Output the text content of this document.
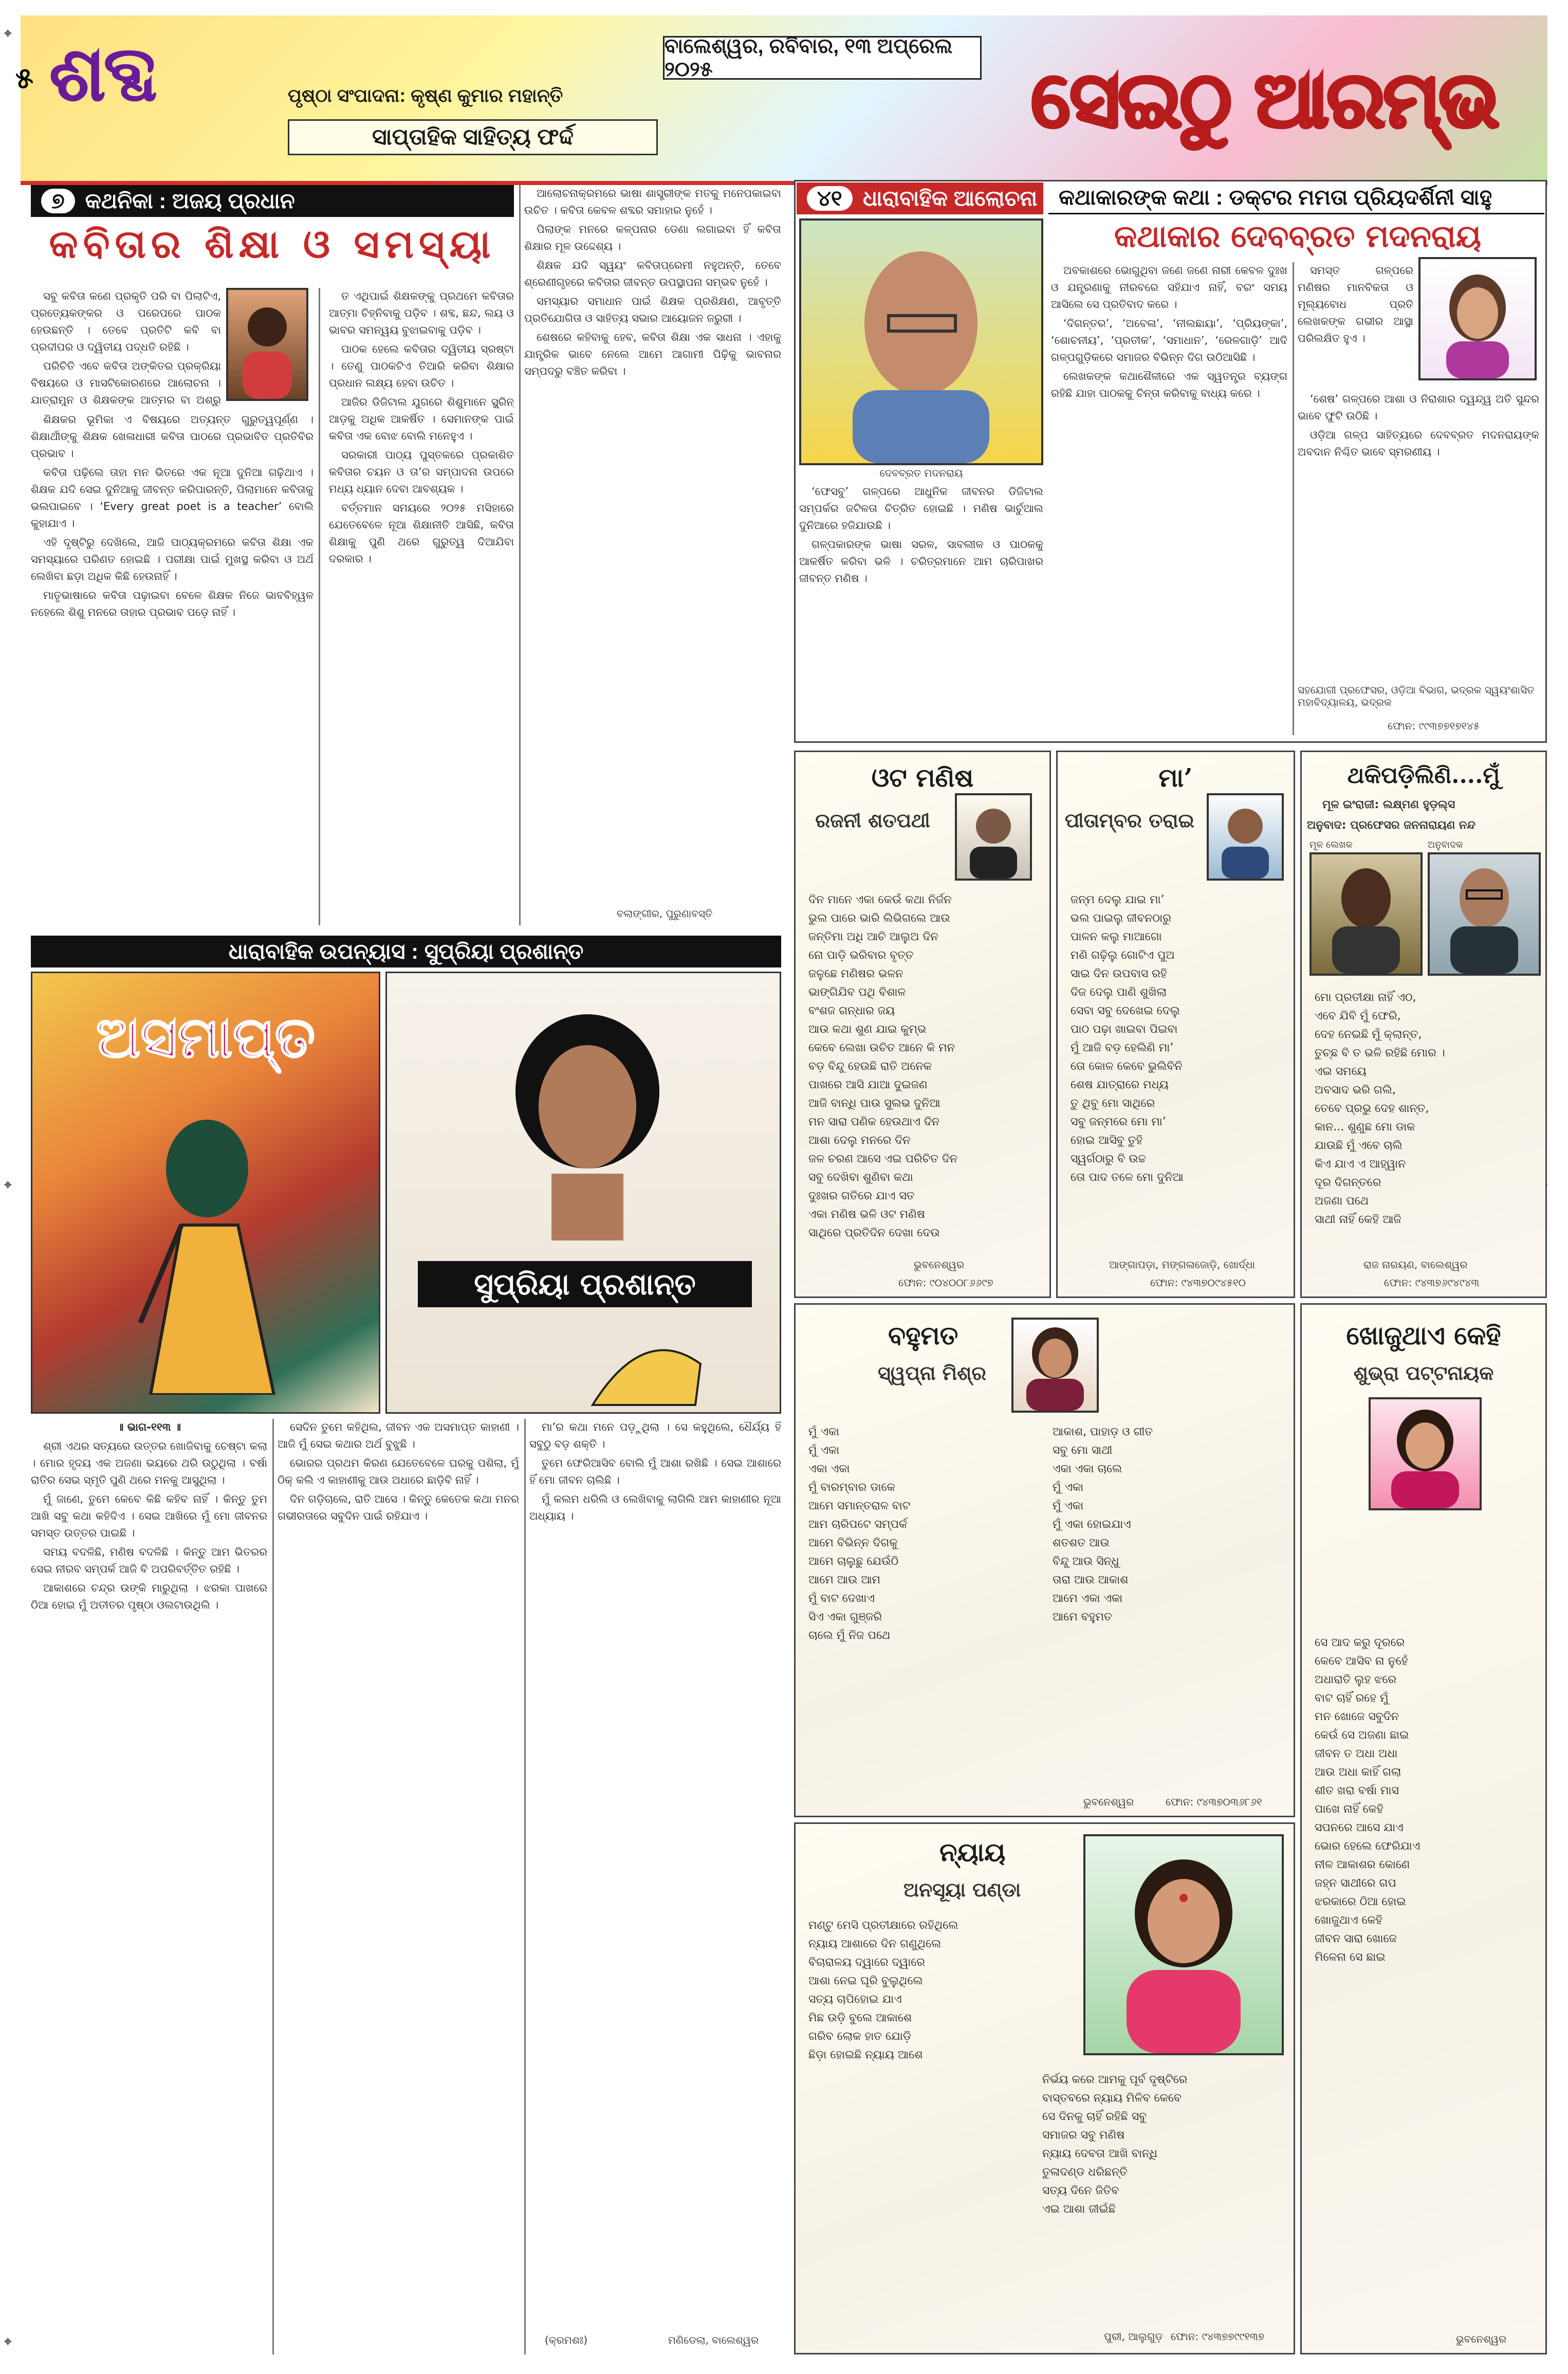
⌖
⌖
⌖
୫ ଶବ୍ଦ	ପୃଷ୍ଠା ସଂପାଦନା: କୃଷ୍ଣ କୁମାର ମହାନ୍ତି
ସାପ୍ତାହିକ ସାହିତ୍ୟ ଫର୍ଦ୍ଦ
ବାଲେଶ୍ୱର, ରବିବାର, ୧୩ ଅପ୍ରେଲ ୨୦୨୫	ସେଇଠୁ ଆରମ୍ଭ
୭ କଥନିକା : ଅଜୟ ପ୍ରଧାନ
କବିତାର ଶିକ୍ଷା ଓ ସମସ୍ୟା

ସବୁ କବିତା କଣେ ପ୍ରକୃତି ପରି ବା ପିଲାଟିଏ, ପ୍ରତ୍ୟେକଙ୍କର ଓ ପରେପରେ ପାଠକ ହେଉଛନ୍ତି । ତେବେ ପ୍ରତିଟି କବି ବା ପ୍ରଦୀପର ଓ ଦ୍ୱିତୀୟ ପଦ୍ଧତି ରହିଛି ।

ପରିଚିତି ଏବେ କବିତା ଅଙ୍କିତର ପ୍ରକ୍ରିୟା ବିଷୟରେ ଓ ମାସଟିକୋରଣରେ ଆଲୋଚନା । ଯାତ୍ରାମୁନ ଓ ଶିକ୍ଷକଙ୍କ ଆତ୍ମର ବା ଅଶ୍ରୁ

ଶିକ୍ଷକର ଭୂମିକା ଏ ବିଷୟରେ ଅତ୍ୟନ୍ତ ଗୁରୁତ୍ୱପୂର୍ଣ୍ଣ । ଶିକ୍ଷାର୍ଥୀଙ୍କୁ ଶିକ୍ଷକ ଖେଳାଧାରୀ କବିତା ପାଠରେ ପ୍ରଭାବିତ ପ୍ରତିବିର ପ୍ରଭାବ ।

କବିତା ପଢ଼ିଲେ ତାହା ମନ ଭିତରେ ଏକ ନୂଆ ଦୁନିଆ ଗଢ଼ିଥାଏ । ଶିକ୍ଷକ ଯଦି ସେଇ ଦୁନିଆକୁ ଜୀବନ୍ତ କରିପାରନ୍ତି, ପିଲାମାନେ କବିତାକୁ ଭଲପାଇବେ । ‘Every great poet is a teacher’ ବୋଲି କୁହାଯାଏ ।

ଏହି ଦୃଷ୍ଟିରୁ ଦେଖିଲେ, ଆଜି ପାଠ୍ୟକ୍ରମରେ କବିତା ଶିକ୍ଷା ଏକ ସମସ୍ୟାରେ ପରିଣତ ହୋଇଛି । ପରୀକ୍ଷା ପାଇଁ ମୁଖସ୍ଥ କରିବା ଓ ଅର୍ଥ ଲେଖିବା ଛଡ଼ା ଅଧିକ କିଛି ହେଉନାହିଁ ।

ମାତୃଭାଷାରେ କବିତା ପଢ଼ାଇବା ବେଳେ ଶିକ୍ଷକ ନିଜେ ଭାବବିହ୍ୱଳ ନହେଲେ ଶିଶୁ ମନରେ ତାହାର ପ୍ରଭାବ ପଡ଼େ ନାହିଁ ।

ତ ଏଥିପାଇଁ ଶିକ୍ଷକଙ୍କୁ ପ୍ରଥମେ କବିତାର ଆତ୍ମା ଚିହ୍ନିବାକୁ ପଡ଼ିବ । ଶବ୍ଦ, ଛନ୍ଦ, ଲୟ ଓ ଭାବର ସମନ୍ୱୟ ବୁଝାଇବାକୁ ପଡ଼ିବ ।

ପାଠକ ହେଲେ କବିତାର ଦ୍ୱିତୀୟ ସ୍ରଷ୍ଟା । ତେଣୁ ପାଠକଟିଏ ତିଆରି କରିବା ଶିକ୍ଷାର ପ୍ରଧାନ ଲକ୍ଷ୍ୟ ହେବା ଉଚିତ ।

ଆଜିର ଡିଜିଟାଲ ଯୁଗରେ ଶିଶୁମାନେ ସ୍କ୍ରିନ୍ ଆଡ଼କୁ ଅଧିକ ଆକର୍ଷିତ । ସେମାନଙ୍କ ପାଇଁ କବିତା ଏକ ବୋଝ ବୋଲି ମନେହୁଏ ।

ସରକାରୀ ପାଠ୍ୟ ପୁସ୍ତକରେ ପ୍ରକାଶିତ କବିତାର ଚୟନ ଓ ତା’ର ସମ୍ପାଦନା ଉପରେ ମଧ୍ୟ ଧ୍ୟାନ ଦେବା ଆବଶ୍ୟକ ।

ବର୍ତ୍ତମାନ ସମୟରେ ୨୦୨୫ ମସିହାରେ ଯେତେବେଳେ ନୂଆ ଶିକ୍ଷାନୀତି ଆସିଛି, କବିତା ଶିକ୍ଷାକୁ ପୁଣି ଥରେ ଗୁରୁତ୍ୱ ଦିଆଯିବା ଦରକାର ।

ଆଲୋଚନାକ୍ରମରେ ଭାଷା ଶାସ୍ତ୍ରୀଙ୍କ ମତକୁ ମନେପକାଇବା ଉଚିତ । କବିତା କେବଳ ଶବ୍ଦର ସମାହାର ନୁହେଁ ।

ପିଲାଙ୍କ ମନରେ କଳ୍ପନାର ଡେଣା ଲଗାଇବା ହିଁ କବିତା ଶିକ୍ଷାର ମୂଳ ଉଦ୍ଦେଶ୍ୟ ।

ଶିକ୍ଷକ ଯଦି ସ୍ୱୟଂ କବିତାପ୍ରେମୀ ନହୁଅନ୍ତି, ତେବେ ଶ୍ରେଣୀଗୃହରେ କବିତାର ଜୀବନ୍ତ ଉପସ୍ଥାପନା ସମ୍ଭବ ନୁହେଁ ।

ସମସ୍ୟାର ସମାଧାନ ପାଇଁ ଶିକ୍ଷକ ପ୍ରଶିକ୍ଷଣ, ଆବୃତ୍ତି ପ୍ରତିଯୋଗିତା ଓ ସାହିତ୍ୟ ସଭାର ଆୟୋଜନ ଜରୁରୀ ।

ଶେଷରେ କହିବାକୁ ହେବ, କବିତା ଶିକ୍ଷା ଏକ ସାଧନା । ଏହାକୁ ଯାନ୍ତ୍ରିକ ଭାବେ ନେଲେ ଆମେ ଆଗାମୀ ପିଢ଼ିକୁ ଭାବନାର ସମ୍ପଦରୁ ବଞ୍ଚିତ କରିବା ।

ବଲାଙ୍ଗୀର, ପୁରୁଣାବସ୍ତି
ଧାରାବାହିକ ଉପନ୍ୟାସ : ସୁପ୍ରିୟା ପ୍ରଶାନ୍ତ
ଅସମାପ୍ତ
ସୁପ୍ରିୟା ପ୍ରଶାନ୍ତ

॥ ଭାଗ-୧୧୩ ॥

ଶ୍ରୀ ଏଥର ସତ୍ୟରେ ଉତ୍ତର ଖୋଜିବାକୁ ଚେଷ୍ଟା କଲା । ମୋର ହୃଦୟ ଏକ ଅଜଣା ଭୟରେ ଥରି ଉଠୁଥିଲା । ବର୍ଷା ରାତିର ସେଇ ସ୍ମୃତି ପୁଣି ଥରେ ମନକୁ ଆସୁଥିଲା ।

ମୁଁ ଜାଣେ, ତୁମେ କେବେ କିଛି କହିବ ନାହିଁ । କିନ୍ତୁ ତୁମ ଆଖି ସବୁ କଥା କହିଦିଏ । ସେଇ ଆଖିରେ ମୁଁ ମୋ ଜୀବନର ସମସ୍ତ ଉତ୍ତର ପାଇଛି ।

ସମୟ ବଦଳିଛି, ମଣିଷ ବଦଳିଛି । କିନ୍ତୁ ଆମ ଭିତରର ସେଇ ନୀରବ ସମ୍ପର୍କ ଆଜି ବି ଅପରିବର୍ତ୍ତିତ ରହିଛି ।

ଆକାଶରେ ଚନ୍ଦ୍ର ଉଙ୍କି ମାରୁଥିଲା । ଝରକା ପାଖରେ ଠିଆ ହୋଇ ମୁଁ ଅତୀତର ପୃଷ୍ଠା ଓଲଟାଉଥିଲି ।

ସେଦିନ ତୁମେ କହିଥିଲ, ଜୀବନ ଏକ ଅସମାପ୍ତ କାହାଣୀ । ଆଜି ମୁଁ ସେଇ କଥାର ଅର୍ଥ ବୁଝୁଛି ।

ଭୋରର ପ୍ରଥମ କିରଣ ଯେତେବେଳେ ଘରକୁ ପଶିଲା, ମୁଁ ଠିକ୍ କଲି ଏ କାହାଣୀକୁ ଆଉ ଅଧାରେ ଛାଡ଼ିବି ନାହିଁ ।

ଦିନ ଗଡ଼ିଚାଲେ, ରାତି ଆସେ । କିନ୍ତୁ କେତେକ କଥା ମନର ଗଭୀରତାରେ ସବୁଦିନ ପାଇଁ ରହିଯାଏ ।

ମା’ର କଥା ମନେ ପଡ଼ୁଥିଲା । ସେ କହୁଥିଲେ, ଧୈର୍ଯ୍ୟ ହିଁ ସବୁଠୁ ବଡ଼ ଶକ୍ତି ।

ତୁମେ ଫେରିଆସିବ ବୋଲି ମୁଁ ଆଶା ରଖିଛି । ସେଇ ଆଶାରେ ହିଁ ମୋ ଜୀବନ ଚାଲିଛି ।

ମୁଁ କଲମ ଧରିଲି ଓ ଲେଖିବାକୁ ଲାଗିଲି ଆମ କାହାଣୀର ନୂଆ ଅଧ୍ୟାୟ ।

(କ୍ରମଶଃ)	ମଣିଡେଲା, ବାଲେଶ୍ୱର
୪୧ ଧାରାବାହିକ ଆଲୋଚନା କଥାକାରଙ୍କ କଥା : ଡକ୍ଟର ମମତା ପ୍ରିୟଦର୍ଶିନୀ ସାହୁ
ଦେବବ୍ରତ ମଦନରାୟ
କଥାକାର ଦେବବ୍ରତ ମଦନରାୟ

‘ଫେସବୁ’ ଗଳ୍ପରେ ଆଧୁନିକ ଜୀବନର ଡିଜିଟାଲ ସମ୍ପର୍କର ଜଟିଳତା ଚିତ୍ରିତ ହୋଇଛି । ମଣିଷ ଭାର୍ଚୁଆଲ ଦୁନିଆରେ ହଜିଯାଉଛି ।

ଗଳ୍ପକାରଙ୍କ ଭାଷା ସରଳ, ସାବଲୀଳ ଓ ପାଠକକୁ ଆକର୍ଷିତ କରିବା ଭଳି । ଚରିତ୍ରମାନେ ଆମ ଚାରିପାଖର ଜୀବନ୍ତ ମଣିଷ ।

ଅବକାଶରେ ଭୋଗୁଥିବା ଜଣେ ଜଣେ ନାରୀ କେବଳ ଦୁଃଖ ଓ ଯନ୍ତ୍ରଣାକୁ ନୀରବରେ ସହିଯାଏ ନାହିଁ, ବରଂ ସମୟ ଆସିଲେ ସେ ପ୍ରତିବାଦ କରେ ।

‘ଦିଗନ୍ତର’, ‘ଅବେଳା’, ‘ନୀଲଛାୟା’, ‘ପ୍ରିୟଙ୍କା’, ‘ଶୋଚନୀୟ’, ‘ପ୍ରତୀକ’, ‘ସମାଧାନ’, ‘ରେଳଗାଡ଼ି’ ଆଦି ଗଳ୍ପଗୁଡ଼ିକରେ ସମାଜର ବିଭିନ୍ନ ଦିଗ ଉଠିଆସିଛି ।

ଲେଖକଙ୍କ କଥାଶୈଳୀରେ ଏକ ସ୍ୱତନ୍ତ୍ର ବ୍ୟଙ୍ଗ ରହିଛି ଯାହା ପାଠକକୁ ଚିନ୍ତା କରିବାକୁ ବାଧ୍ୟ କରେ ।

ସମସ୍ତ ଗଳ୍ପରେ ମଣିଷର ମାନବିକତା ଓ ମୂଲ୍ୟବୋଧ ପ୍ରତି ଲେଖକଙ୍କ ଗଭୀର ଆସ୍ଥା ପରିଲକ୍ଷିତ ହୁଏ ।

‘ଶେଷ’ ଗଳ୍ପରେ ଆଶା ଓ ନିରାଶାର ଦ୍ୱନ୍ଦ୍ୱ ଅତି ସୁନ୍ଦର ଭାବେ ଫୁଟି ଉଠିଛି ।

ଓଡ଼ିଆ ଗଳ୍ପ ସାହିତ୍ୟରେ ଦେବବ୍ରତ ମଦନରାୟଙ୍କ ଅବଦାନ ନିଶ୍ଚିତ ଭାବେ ସ୍ମରଣୀୟ ।

ସହଯୋଗୀ ପ୍ରଫେସର, ଓଡ଼ିଆ ବିଭାଗ, ଭଦ୍ରକ ସ୍ୱୟଂଶାସିତ ମହାବିଦ୍ୟାଳୟ, ଭଦ୍ରକ
ଫୋନ: ୯୯୩୭୭୧୭୧୪୫
ଓଟ ମଣିଷ
ରଜନୀ ଶତପଥୀ
ଦିନ ମାନେ ଏକା କେଉଁ କଥା ନିର୍ଜନ
ଭୁଲ ପାରେ ଭାରି ଲିଭିଗଲେ ଆଉ
ଜନ୍ତିମା ଅଧି ଆଚି ଆଲୁଅ ଦିନ
ନୋ ପାଡ଼ି ଭରିବାର ବୃତ୍ତ
ଜଳୁଛେ ମଣିଷର ଭଳନ
ଭାଙ୍ଗିଯିବ ପଥି ବିଶାଳ
ବଂଶଜ ଗନ୍ଧାର ଜୟ
ଆଉ କଥା ଶୁଣ ଯାଇ କୁମ୍ଭ
କେବେ ଲେଖା ଉଚିତ ଆନେ କି ମନ
ବଡ଼ ବିନ୍ଦୁ ହେଉଛି ରାତି ଅନେକ
ପାଖରେ ଆସି ଯାଆ ଦୁଇଜଣ
ଆଜି ବାନ୍ଧି ପାଉ ସୁଲଭ ଦୁନିଆ
ମନ ସାରା ପଣିକ ହେଉଥାଏ ଦିନ
ଆଶା ଦେଲୁ ମନରେ ଦିନ
ଜଳ ଚରଣ ଆସେ ଏଇ ପରିଚିତ ଦିନ
ସବୁ ଦେଖିବା ଶୁଣିବା କଥା
ଦୁଃଖର ଗତିରେ ଯାଏ ସତ
ଏକା ମଣିଷ ଭଳି ଓଟ ମଣିଷ
ସାଥିରେ ପ୍ରତିଦିନ ଦେଖା ଦେଉ
ଭୁବନେଶ୍ୱର
ଫୋନ: ୯୦୪୦୦୮୬୬୯୭
ମା’
ପୀତାମ୍ବର ତରାଇ
ଜନ୍ମ ଦେଲୁ ଯାଇ ମା’
ଭଲ ପାଇଲୁ ଜୀବନଠାରୁ
ପାଳନ କଲୁ ମାଆଗୋ
ମଣି ଗଢ଼ିଲୁ ଗୋଟିଏ ପୁଅ
ସାଇ ଦିନ ଉପବାସ ରହି
ଦିଜ ଦେଲୁ ପାଣି ଶୁଖିଲା
ସେବା ସବୁ ଦେଖେଇ ଦେଲୁ
ପାଠ ପଢ଼ା ଖାଇବା ପିଇବା
ମୁଁ ଆଜି ବଡ଼ ହେଲିଣି ମା’
ତୋ କୋଳ କେବେ ଭୁଲିବିନି
ଶେଷ ଯାତ୍ରାରେ ମଧ୍ୟ
ତୁ ଥିବୁ ମୋ ସାଥିରେ
ସବୁ ଜନ୍ମରେ ମୋ ମା’
ହୋଇ ଆସିବୁ ତୁହି
ସ୍ୱର୍ଗଠାରୁ ବି ଉଚ୍ଚ
ତୋ ପାଦ ତଳେ ମୋ ଦୁନିଆ
ଆଙ୍ଗାପଡ଼ା, ମଙ୍ଗଳାଜୋଡ଼ି, ଖୋର୍ଦ୍ଧା
ଫୋନ: ୯୪୩୭୦୯୪୫୧୦
ଥକିପଡ଼ିଲିଣି....ମୁଁ
ମୂଳ ଇଂରାଜୀ: ଲକ୍ଷ୍ମଣ ହୁଡ଼ଲ୍ସ
ଅନୁବାଦ: ପ୍ରଫେସର ଜନନାରାୟଣ ନନ୍ଦ
ମୂଳ ଲେଖକ	ଅନୁବାଦକ
ମୋ ପ୍ରତୀକ୍ଷା ନାହିଁ ଏଠ,
ଏବେ ଯିବି ମୁଁ ଫେରି,
ଦେହ ନେଇଛି ମୁଁ କ୍ଲାନ୍ତ,
ତୁଚ୍ଛ ବି ତ ଭଳି ରହିଛି ମୋର ।
ଏଇ ସମୟେ
ଅବସାଦ ଭରି ଗଲି,
ତେବେ ପ୍ରଭୁ ଦେହ ଶାନ୍ତ,
କାନ... ଶୁଣୁଛ ମୋ ଡାକ
ଯାଉଛି ମୁଁ ଏବେ ଚାଲି
କିଏ ଯାଏ ଏ ଆହ୍ୱାନ
ଦୂର ଦିଗନ୍ତରେ
ଅଜଣା ପଥେ
ସାଥୀ ନାହିଁ କେହି ଆଜି
ରାଜ ନାରୟଣ, ବାଲେଶ୍ୱର
ଫୋନ: ୯୪୩୭୬୯୪୯୪୩
ବହୁମତ
ସ୍ୱପ୍ନା ମିଶ୍ର
ମୁଁ ଏକା
ମୁଁ ଏକା
ଏକା ଏକା
ମୁଁ ବାରମ୍ବାର ଡାକେ
ଆମେ ସମାନ୍ତରାଳ ବାଟ
ଆମ ଚାରିପଟେ ସମ୍ପର୍କ
ଆମେ ବିଭିନ୍ନ ଦିଗକୁ
ଆମେ ଚାଲୁଛୁ ଯେଉଁଠି
ଆମେ ଆଉ ଆମ
ମୁଁ ବାଟ ଦେଖାଏ
ସିଏ ଏକା ଗୁଞ୍ଜରି
ଚାଲେ ମୁଁ ନିଜ ପଥେ
ଆକାଶ, ପାହାଡ଼ ଓ ଗୀତ
ସବୁ ମୋ ସାଥୀ
ଏକା ଏକା ଚାଲେ
ମୁଁ ଏକା
ମୁଁ ଏକା
ମୁଁ ଏକା ହୋଇଯାଏ
ଶତଶତ ଆଉ
ବିନ୍ଦୁ ଆଉ ସିନ୍ଧୁ
ତାରା ଆଉ ଆକାଶ
ଆମେ ଏକା ଏକା
ଆମେ ବହୁମତ
ଭୁବନେଶ୍ୱର	ଫୋନ: ୯୪୩୭୦୩୬୮୬୧
ଖୋଜୁଥାଏ କେହି
ଶୁଭ୍ରା ପଟ୍ଟନାୟକ
ସେ ଆଦ କରୁ ଦୂରରେ
କେବେ ଆସିବ ନା ନୁହେଁ
ଅଧାରାତି ଲୁହ ଝରେ
ବାଟ ଚାହିଁ ରହେ ମୁଁ
ମନ ଖୋଜେ ସବୁଦିନ
କେଉଁ ସେ ଅଜଣା ଛାଇ
ଜୀବନ ତ ଅଧା ଅଧା
ଆଉ ଅଧା କାହିଁ ଗଲା
ଶୀତ ଖରା ବର୍ଷା ମାସ
ପାଖେ ନାହିଁ କେହି
ସପନରେ ଆସେ ଯାଏ
ଭୋର ହେଲେ ଫେରିଯାଏ
ନୀଳ ଆକାଶର କୋଣେ
ଜହ୍ନ ସାଥୀରେ ଗପ
ଝରକାରେ ଠିଆ ହୋଇ
ଖୋଜୁଥାଏ କେହି
ଜୀବନ ସାରା ଖୋଜେ
ମିଳେନା ସେ ଛାଇ
ଭୁବନେଶ୍ୱର
ନ୍ୟାୟ
ଅନସୂୟା ପଣ୍ଡା
ମଣ୍ଟୁ ମେସି ପ୍ରତୀକ୍ଷାରେ ରହିଥିଲେ
ନ୍ୟାୟ ଆଶାରେ ଦିନ ଗଣୁଥିଲେ
ବିଚାରାଳୟ ଦ୍ୱାରେ ଦ୍ୱାରେ
ଆଶା ନେଇ ଘୂରି ବୁଲୁଥିଲେ
ସତ୍ୟ ଚାପିହୋଇ ଯାଏ
ମିଛ ଉଡ଼ି ବୁଲେ ଆକାଶେ
ଗରିବ ଲୋକ ହାତ ଯୋଡ଼ି
ଛିଡ଼ା ହୋଇଛି ନ୍ୟାୟ ଆଶେ
ନିର୍ଭୟ କରେ ଆମକୁ ପୂର୍ବ ଦୃଷ୍ଟିରେ
ବାସ୍ତବରେ ନ୍ୟାୟ ମିଳିବ କେବେ
ସେ ଦିନକୁ ଚାହିଁ ରହିଛି ସବୁ
ସମାଜର ସବୁ ମଣିଷ
ନ୍ୟାୟ ଦେବତା ଆଖି ବାନ୍ଧି
ତୁଳାଦଣ୍ଡ ଧରିଛନ୍ତି
ସତ୍ୟ ଦିନେ ଜିତିବ
ଏଇ ଆଶା ଜୀଇଁଛି
ପୁରୀ, ଆଲୁଗୁଡ଼ ଫୋନ: ୯୪୩୭୭୯୯୧୩୭
